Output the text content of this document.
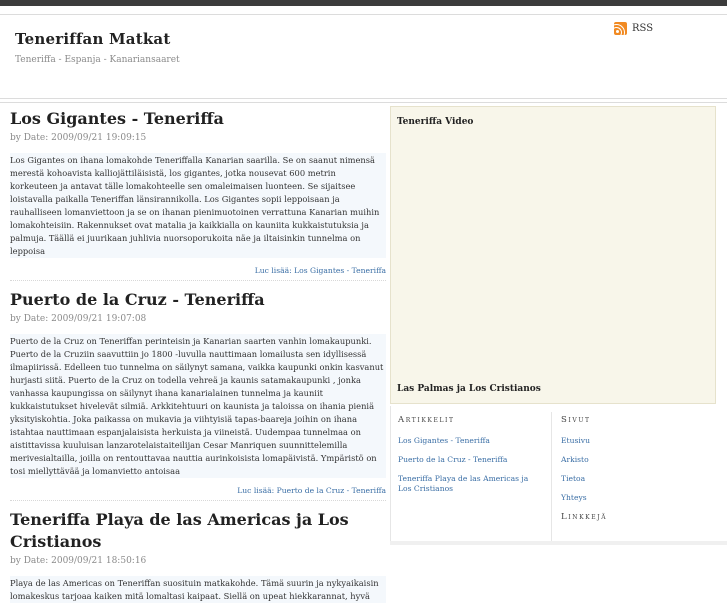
Teneriffan Matkat
Teneriffa - Espanja - Kanariansaaret
RSS
Los Gigantes - Teneriffa
by Date: 2009/09/21 19:09:15

Los Gigantes on ihana lomakohde Teneriffalla Kanarian saarilla. Se on saanut nimensä merestä kohoavista kalliojättiläisistä, los gigantes, jotka nousevat 600 metrin korkeuteen ja antavat tälle lomakohteelle sen omaleimaisen luonteen. Se sijaitsee loistavalla paikalla Teneriffan länsirannikolla. Los Gigantes sopii leppoisaan ja rauhalliseen lomanviettoon ja se on ihanan pienimuotoinen verrattuna Kanarian muihin lomakohteisiin. Rakennukset ovat matalia ja kaikkialla on kauniita kukkaistutuksia ja palmuja. Täällä ei juurikaan juhlivia nuorsoporukoita näe ja iltaisinkin tunnelma on leppoisa

Luc lisää: Los Gigantes - Teneriffa
Puerto de la Cruz - Teneriffa
by Date: 2009/09/21 19:07:08

Puerto de la Cruz on Teneriffan perinteisin ja Kanarian saarten vanhin lomakaupunki. Puerto de la Cruziin saavuttiin jo 1800 -luvulla nauttimaan lomailusta sen idyllisessä ilmapiirissä. Edelleen tuo tunnelma on säilynyt samana, vaikka kaupunki onkin kasvanut hurjasti siitä. Puerto de la Cruz on todella vehreä ja kaunis satamakaupunki , jonka vanhassa kaupungissa on säilynyt ihana kanarialainen tunnelma ja kauniit kukkaistutukset hivelevät silmiä. Arkkitehtuuri on kaunista ja taloissa on ihania pieniä yksityiskohtia. Joka paikassa on mukavia ja viihtyisiä tapas-baareja joihin on ihana istahtaa nauttimaan espanjalaisista herkuista ja viineistä. Uudempaa tunnelmaa on aistittavissa kuuluisan lanzarotelaistaiteilijan Cesar Manriquen suunnittelemilla merivesialtailla, joilla on rentouttavaa nauttia aurinkoisista lomapäivistä. Ympäristö on tosi miellyttävää ja lomanvietto antoisaa

Luc lisää: Puerto de la Cruz - Teneriffa
Teneriffa Playa de las Americas ja Los Cristianos
by Date: 2009/09/21 18:50:16

Playa de las Americas on Teneriffan suosituin matkakohde. Tämä suurin ja nykyaikaisin lomakeskus tarjoaa kaiken mitä lomaltasi kaipaat. Siellä on upeat hiekkarannat, hyvä

Teneriffa Video
Las Palmas ja Los Cristianos
Artikkelit
Los Gigantes - Teneriffa
Puerto de la Cruz - Teneriffa
Teneriffa Playa de las Americas ja Los Cristianos
Sivut
Etusivu
Arkisto
Tietoa
Yhteys
Linkkejä
